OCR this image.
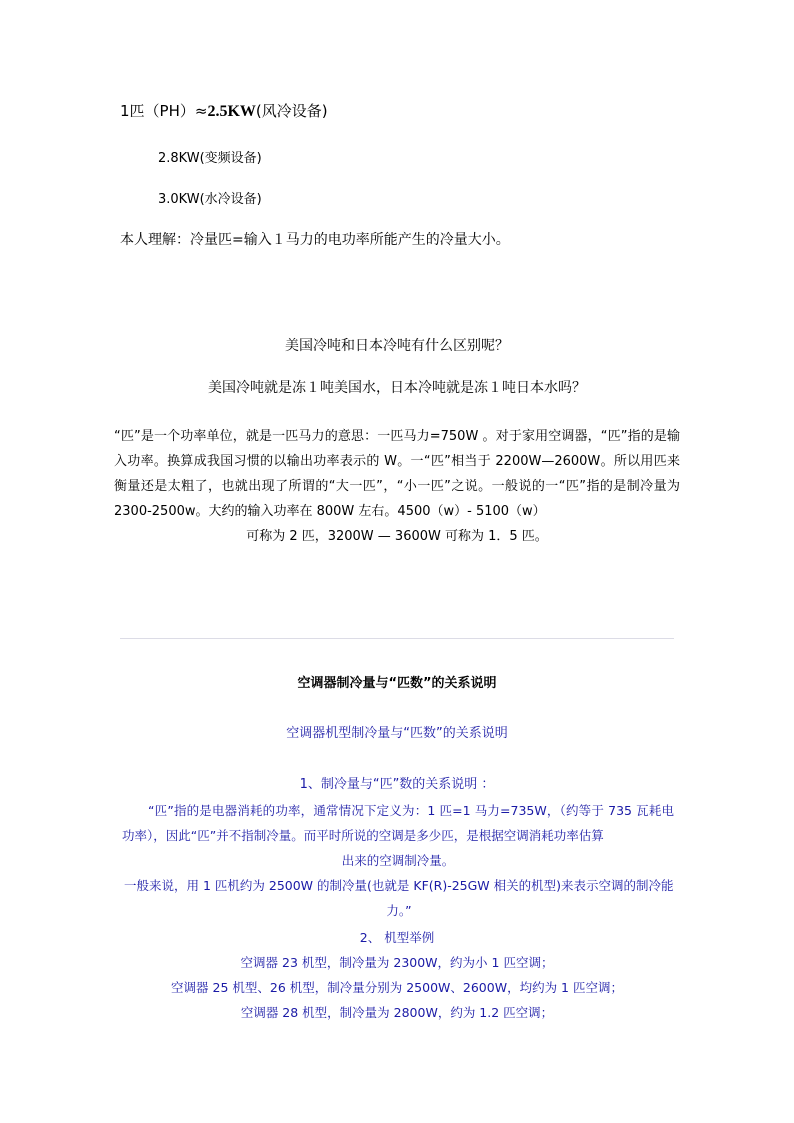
1匹（PH）≈2.5KW(风冷设备)
2.8KW(变频设备)
3.0KW(水冷设备)
本人理解：冷量匹=输入１马力的电功率所能产生的冷量大小。
美国冷吨和日本冷吨有什么区别呢？
美国冷吨就是冻１吨美国水，日本冷吨就是冻１吨日本水吗？
“匹”是一个功率单位，就是一匹马力的意思：一匹马力=750W 。对于家用空调器，“匹”指的是输入功率。换算成我国习惯的以输出功率表示的 W。一“匹”相当于 2200W—2600W。所以用匹来衡量还是太粗了，也就出现了所谓的“大一匹”，“小一匹”之说。一般说的一“匹”指的是制冷量为 2300-2500w。大约的输入功率在 800W 左右。4500（w）- 5100（w）
可称为 2 匹，3200W — 3600W 可称为 1．5 匹。
空调器制冷量与“匹数”的关系说明
空调器机型制冷量与“匹数”的关系说明
1、制冷量与“匹”数的关系说明 ：
“匹”指的是电器消耗的功率，通常情况下定义为：1 匹=1 马力=735W，（约等于 735 瓦耗电功率），因此“匹”并不指制冷量。而平时所说的空调是多少匹，是根据空调消耗功率估算
出来的空调制冷量。
一般来说，用 1 匹机约为 2500W 的制冷量(也就是 KF(R)-25GW 相关的机型)来表示空调的制冷能
力。”
2、 机型举例
空调器 23 机型，制冷量为 2300W，约为小 1 匹空调；
空调器 25 机型、26 机型，制冷量分别为 2500W、2600W，均约为 1 匹空调；
空调器 28 机型，制冷量为 2800W，约为 1.2 匹空调；
